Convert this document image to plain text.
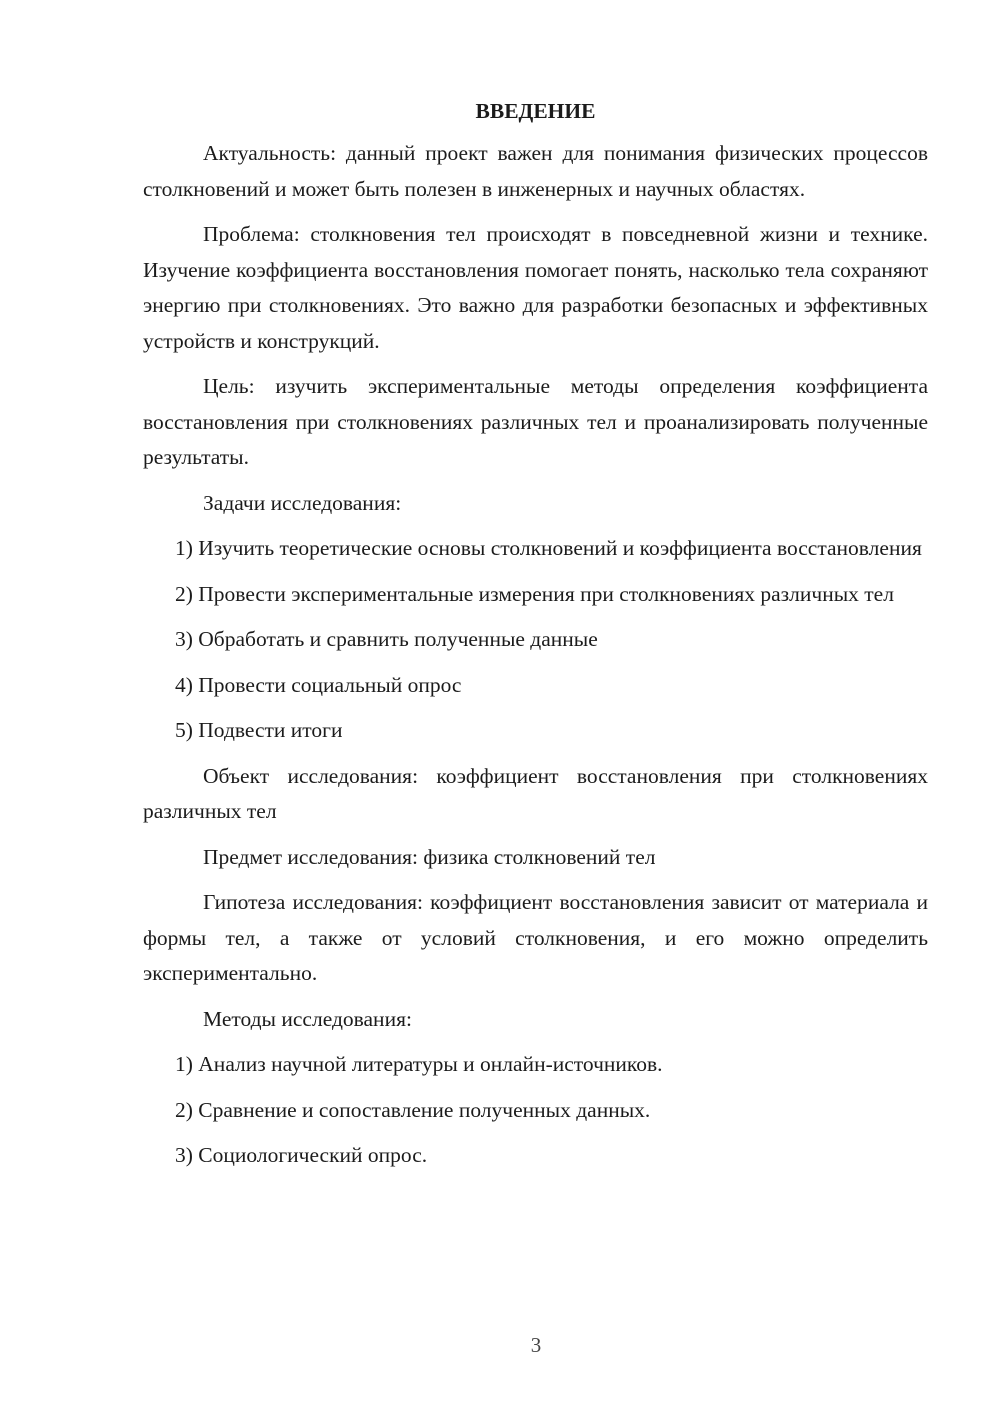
ВВЕДЕНИЕ

Актуальность: данный проект важен для понимания физических процессов столкновений и может быть полезен в инженерных и научных областях.

Проблема: столкновения тел происходят в повседневной жизни и технике. Изучение коэффициента восстановления помогает понять, насколько тела сохраняют энергию при столкновениях. Это важно для разработки безопасных и эффективных устройств и конструкций.

Цель: изучить экспериментальные методы определения коэффициента восстановления при столкновениях различных тел и проанализировать полученные результаты.

Задачи исследования:

1) Изучить теоретические основы столкновений и коэффициента восстановления

2) Провести экспериментальные измерения при столкновениях различных тел

3) Обработать и сравнить полученные данные

4) Провести социальный опрос

5) Подвести итоги

Объект исследования: коэффициент восстановления при столкновениях различных тел

Предмет исследования: физика столкновений тел

Гипотеза исследования: коэффициент восстановления зависит от материала и формы тел, а также от условий столкновения, и его можно определить экспериментально.

Методы исследования:

1) Анализ научной литературы и онлайн-источников.

2) Сравнение и сопоставление полученных данных.

3) Социологический опрос.

3
